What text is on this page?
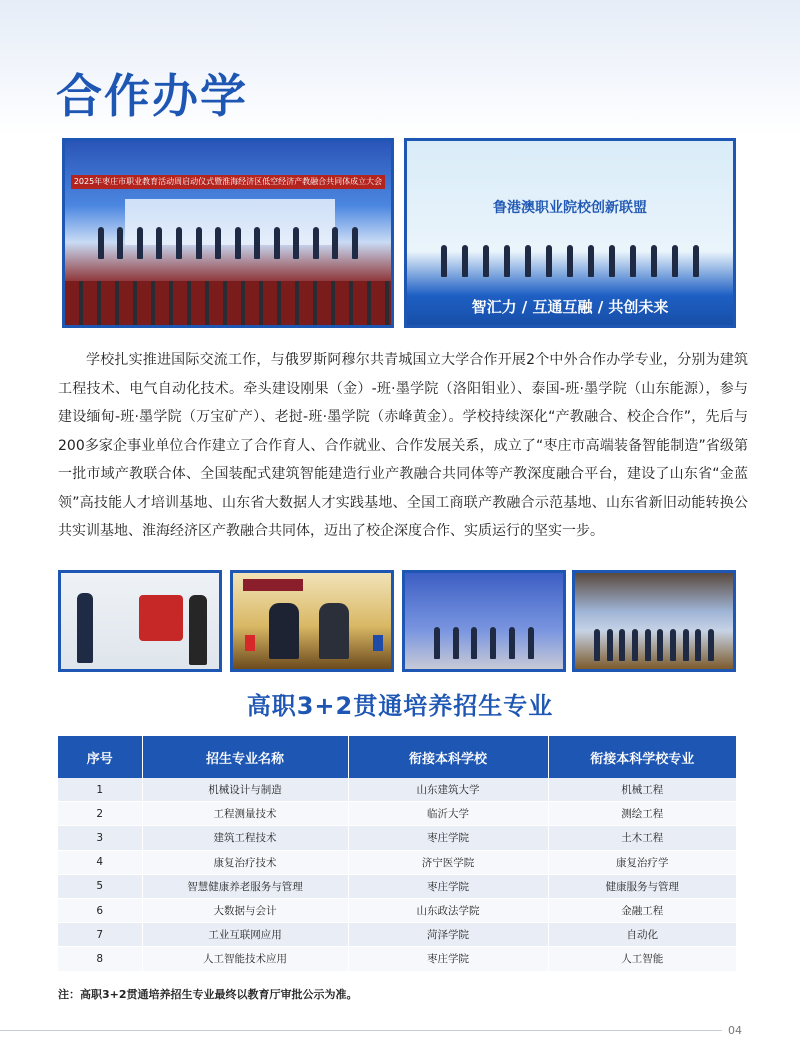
合作办学
2025年枣庄市职业教育活动周启动仪式暨淮海经济区低空经济产教融合共同体成立大会
鲁港澳职业院校创新联盟
智汇力 / 互通互融 / 共创未来

学校扎实推进国际交流工作，与俄罗斯阿穆尔共青城国立大学合作开展2个中外合作办学专业，分别为建筑工程技术、电气自动化技术。牵头建设刚果（金）-班·墨学院（洛阳钼业）、泰国-班·墨学院（山东能源），参与建设缅甸-班·墨学院（万宝矿产）、老挝-班·墨学院（赤峰黄金）。学校持续深化“产教融合、校企合作”，先后与200多家企事业单位合作建立了合作育人、合作就业、合作发展关系，成立了“枣庄市高端装备智能制造”省级第一批市域产教联合体、全国装配式建筑智能建造行业产教融合共同体等产教深度融合平台，建设了山东省“金蓝领”高技能人才培训基地、山东省大数据人才实践基地、全国工商联产教融合示范基地、山东省新旧动能转换公共实训基地、淮海经济区产教融合共同体，迈出了校企深度合作、实质运行的坚实一步。

高职3+2贯通培养招生专业
序号	招生专业名称	衔接本科学校	衔接本科学校专业
1	机械设计与制造	山东建筑大学	机械工程
2	工程测量技术	临沂大学	测绘工程
3	建筑工程技术	枣庄学院	土木工程
4	康复治疗技术	济宁医学院	康复治疗学
5	智慧健康养老服务与管理	枣庄学院	健康服务与管理
6	大数据与会计	山东政法学院	金融工程
7	工业互联网应用	菏泽学院	自动化
8	人工智能技术应用	枣庄学院	人工智能

注：高职3+2贯通培养招生专业最终以教育厅审批公示为准。

04
